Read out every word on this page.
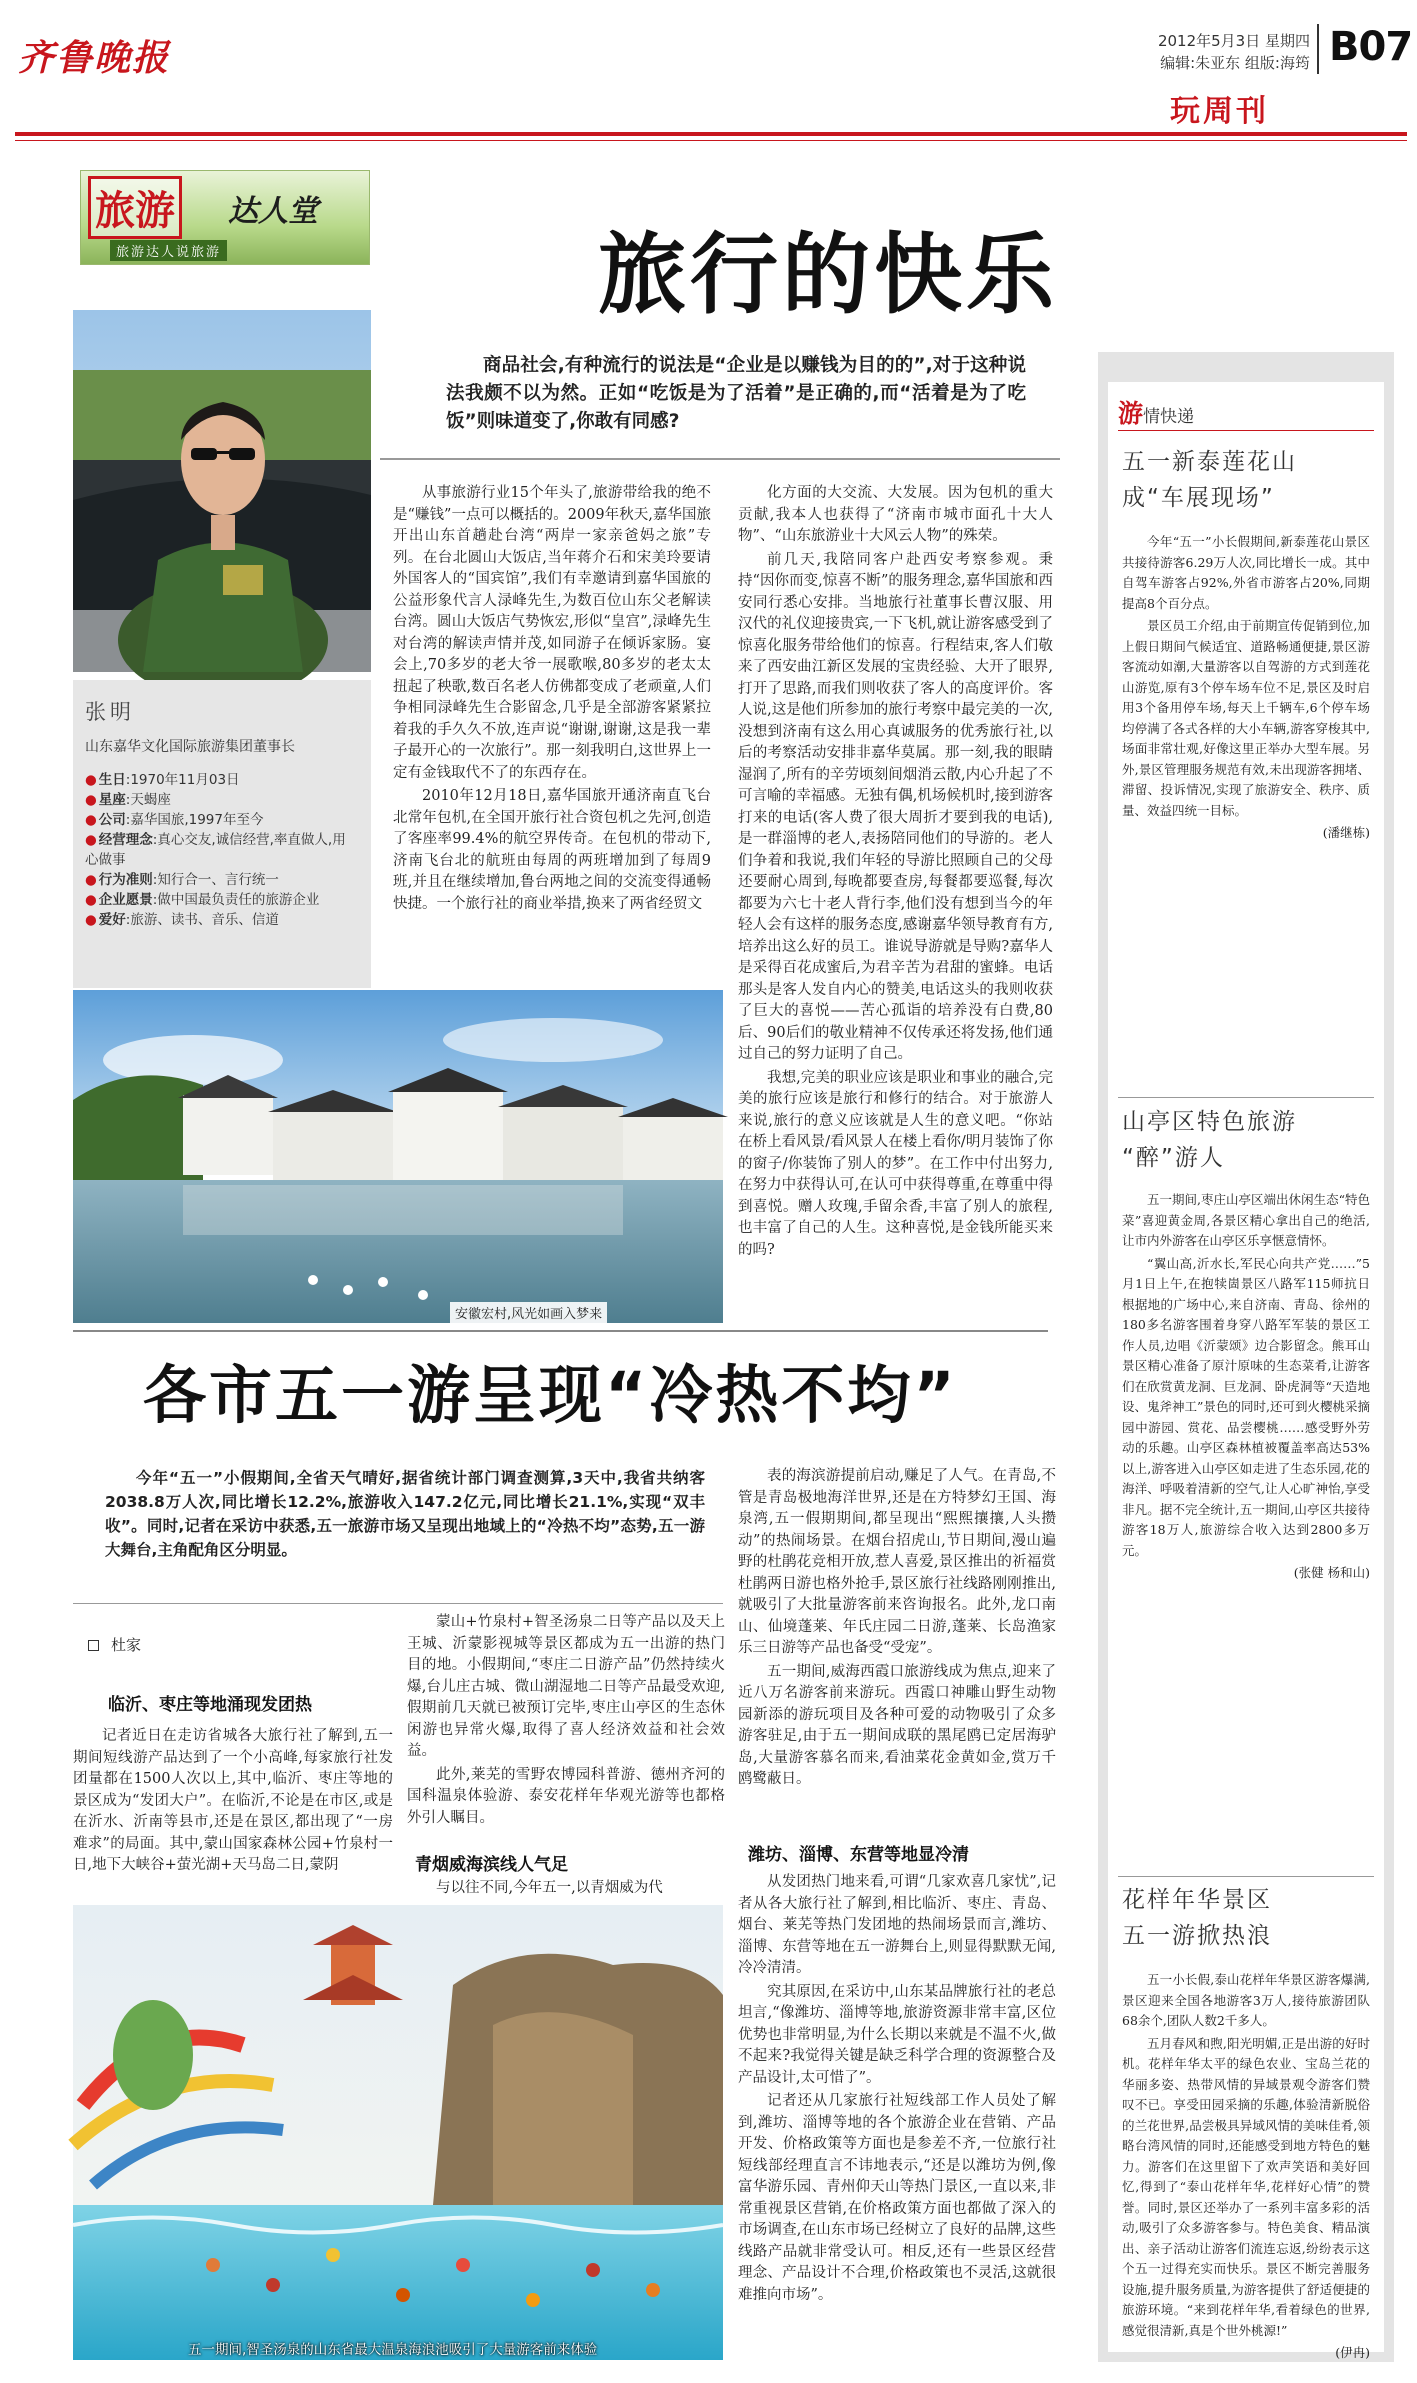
齐鲁晚报	2012年5月3日 星期四
编辑:朱亚东 组版:海筠 B07
玩周刊
旅游 达人堂
旅游达人说旅游	旅行的快乐
张明
山东嘉华文化国际旅游集团董事长
● 生日:1970年11月03日
● 星座:天蝎座
● 公司:嘉华国旅,1997年至今
● 经营理念:真心交友,诚信经营,率直做人,用心做事
● 行为准则:知行合一、言行统一
● 企业愿景:做中国最负责任的旅游企业
● 爱好:旅游、读书、音乐、信道
商品社会,有种流行的说法是“企业是以赚钱为目的的”,对于这种说法我颇不以为然。正如“吃饭是为了活着”是正确的,而“活着是为了吃饭”则味道变了,你敢有同感?

从事旅游行业15个年头了,旅游带给我的绝不是“赚钱”一点可以概括的。2009年秋天,嘉华国旅开出山东首趟赴台湾“两岸一家亲爸妈之旅”专列。在台北圆山大饭店,当年蒋介石和宋美玲要请外国客人的“国宾馆”,我们有幸邀请到嘉华国旅的公益形象代言人渌峰先生,为数百位山东父老解读台湾。圆山大饭店气势恢宏,形似“皇宫”,渌峰先生对台湾的解读声情并茂,如同游子在倾诉家肠。宴会上,70多岁的老大爷一展歌喉,80多岁的老太太扭起了秧歌,数百名老人仿佛都变成了老顽童,人们争相同渌峰先生合影留念,几乎是全部游客紧紧拉着我的手久久不放,连声说“谢谢,谢谢,这是我一辈子最开心的一次旅行”。那一刻我明白,这世界上一定有金钱取代不了的东西存在。

2010年12月18日,嘉华国旅开通济南直飞台北常年包机,在全国开旅行社合资包机之先河,创造了客座率99.4%的航空界传奇。在包机的带动下,济南飞台北的航班由每周的两班增加到了每周9班,并且在继续增加,鲁台两地之间的交流变得通畅快捷。一个旅行社的商业举措,换来了两省经贸文

化方面的大交流、大发展。因为包机的重大贡献,我本人也获得了“济南市城市面孔十大人物”、“山东旅游业十大风云人物”的殊荣。

前几天,我陪同客户赴西安考察参观。秉持“因你而变,惊喜不断”的服务理念,嘉华国旅和西安同行悉心安排。当地旅行社董事长曹汉服、用汉代的礼仪迎接贵宾,一下飞机,就让游客感受到了惊喜化服务带给他们的惊喜。行程结束,客人们敬来了西安曲江新区发展的宝贵经验、大开了眼界,打开了思路,而我们则收获了客人的高度评价。客人说,这是他们所参加的旅行考察中最完美的一次,没想到济南有这么用心真诚服务的优秀旅行社,以后的考察活动安排非嘉华莫属。那一刻,我的眼睛湿润了,所有的辛劳顷刻间烟消云散,内心升起了不可言喻的幸福感。无独有偶,机场候机时,接到游客打来的电话(客人费了很大周折才要到我的电话),是一群淄博的老人,表扬陪同他们的导游的。老人们争着和我说,我们年轻的导游比照顾自己的父母还要耐心周到,每晚都要查房,每餐都要巡餐,每次都要为六七十老人背行李,他们没有想到当今的年轻人会有这样的服务态度,感谢嘉华领导教育有方,培养出这么好的员工。谁说导游就是导购?嘉华人是采得百花成蜜后,为君辛苦为君甜的蜜蜂。电话那头是客人发自内心的赞美,电话这头的我则收获了巨大的喜悦——苦心孤诣的培养没有白费,80后、90后们的敬业精神不仅传承还将发扬,他们通过自己的努力证明了自己。

我想,完美的职业应该是职业和事业的融合,完美的旅行应该是旅行和修行的结合。对于旅游人来说,旅行的意义应该就是人生的意义吧。“你站在桥上看风景/看风景人在楼上看你/明月装饰了你的窗子/你装饰了别人的梦”。在工作中付出努力,在努力中获得认可,在认可中获得尊重,在尊重中得到喜悦。赠人玫瑰,手留余香,丰富了别人的旅程,也丰富了自己的人生。这种喜悦,是金钱所能买来的吗?

安徽宏村,风光如画入梦来
游情快递
五一新泰莲花山
成“车展现场”

今年“五一”小长假期间,新泰莲花山景区共接待游客6.29万人次,同比增长一成。其中自驾车游客占92%,外省市游客占20%,同期提高8个百分点。

景区员工介绍,由于前期宣传促销到位,加上假日期间气候适宜、道路畅通便捷,景区游客流动如潮,大量游客以自驾游的方式到莲花山游览,原有3个停车场车位不足,景区及时启用3个备用停车场,每天上千辆车,6个停车场均停满了各式各样的大小车辆,游客穿梭其中,场面非常壮观,好像这里正举办大型车展。另外,景区管理服务规范有效,未出现游客拥堵、滞留、投诉情况,实现了旅游安全、秩序、质量、效益四统一目标。

(潘继栋)
山亭区特色旅游
“醉”游人

五一期间,枣庄山亭区端出休闲生态“特色菜”喜迎黄金周,各景区精心拿出自己的绝活,让市内外游客在山亭区乐享惬意情怀。

“翼山高,沂水长,军民心向共产党……”5月1日上午,在抱犊崮景区八路军115师抗日根据地的广场中心,来自济南、青岛、徐州的180多名游客围着身穿八路军军装的景区工作人员,边唱《沂蒙颂》边合影留念。熊耳山景区精心准备了原汁原味的生态菜肴,让游客们在欣赏黄龙洞、巨龙洞、卧虎洞等“天造地设、鬼斧神工”景色的同时,还可到火樱桃采摘园中游园、赏花、品尝樱桃……感受野外劳动的乐趣。山亭区森林植被覆盖率高达53%以上,游客进入山亭区如走进了生态乐园,花的海洋、呼吸着清新的空气,让人心旷神怡,享受非凡。据不完全统计,五一期间,山亭区共接待游客18万人,旅游综合收入达到2800多万元。

(张健 杨和山)
花样年华景区
五一游掀热浪

五一小长假,泰山花样年华景区游客爆满,景区迎来全国各地游客3万人,接待旅游团队68余个,团队人数2千多人。

五月春风和煦,阳光明媚,正是出游的好时机。花样年华太平的绿色农业、宝岛兰花的华丽多姿、热带风情的异域景观令游客们赞叹不已。享受田园采摘的乐趣,体验清新脱俗的兰花世界,品尝极具异域风情的美味佳肴,领略台湾风情的同时,还能感受到地方特色的魅力。游客们在这里留下了欢声笑语和美好回忆,得到了“泰山花样年华,花样好心情”的赞誉。同时,景区还举办了一系列丰富多彩的活动,吸引了众多游客参与。特色美食、精品演出、亲子活动让游客们流连忘返,纷纷表示这个五一过得充实而快乐。景区不断完善服务设施,提升服务质量,为游客提供了舒适便捷的旅游环境。“来到花样年华,看着绿色的世界,感觉很清新,真是个世外桃源!”

(伊冉)
各市五一游呈现“冷热不均”
今年“五一”小假期间,全省天气晴好,据省统计部门调查测算,3天中,我省共纳客2038.8万人次,同比增长12.2%,旅游收入147.2亿元,同比增长21.1%,实现“双丰收”。同时,记者在采访中获悉,五一旅游市场又呈现出地域上的“冷热不均”态势,五一游大舞台,主角配角区分明显。
杜家
临沂、枣庄等地涌现发团热

记者近日在走访省城各大旅行社了解到,五一期间短线游产品达到了一个小高峰,每家旅行社发团量都在1500人次以上,其中,临沂、枣庄等地的景区成为“发团大户”。在临沂,不论是在市区,或是在沂水、沂南等县市,还是在景区,都出现了“一房难求”的局面。其中,蒙山国家森林公园+竹泉村一日,地下大峡谷+萤光湖+天马岛二日,蒙阴

蒙山+竹泉村+智圣汤泉二日等产品以及天上王城、沂蒙影视城等景区都成为五一出游的热门目的地。小假期间,“枣庄二日游产品”仍然持续火爆,台儿庄古城、微山湖湿地二日等产品最受欢迎,假期前几天就已被预订完毕,枣庄山亭区的生态休闲游也异常火爆,取得了喜人经济效益和社会效益。

此外,莱芜的雪野农博园科普游、德州齐河的国科温泉体验游、泰安花样年华观光游等也都格外引人瞩目。

青烟威海滨线人气足

与以往不同,今年五一,以青烟威为代

表的海滨游提前启动,赚足了人气。在青岛,不管是青岛极地海洋世界,还是在方特梦幻王国、海泉湾,五一假期期间,都呈现出“熙熙攘攘,人头攒动”的热闹场景。在烟台招虎山,节日期间,漫山遍野的杜鹃花竞相开放,惹人喜爱,景区推出的祈福赏杜鹃两日游也格外抢手,景区旅行社线路刚刚推出,就吸引了大批量游客前来咨询报名。此外,龙口南山、仙境蓬莱、年氏庄园二日游,蓬莱、长岛渔家乐三日游等产品也备受“受宠”。

五一期间,威海西霞口旅游线成为焦点,迎来了近八万名游客前来游玩。西霞口神雕山野生动物园新添的游玩项目及各种可爱的动物吸引了众多游客驻足,由于五一期间成联的黑尾鸥已定居海驴岛,大量游客慕名而来,看油菜花金黄如金,赏万千鸥鹭蔽日。

潍坊、淄博、东营等地显冷清

从发团热门地来看,可谓“几家欢喜几家忧”,记者从各大旅行社了解到,相比临沂、枣庄、青岛、烟台、莱芜等热门发团地的热闹场景而言,潍坊、淄博、东营等地在五一游舞台上,则显得默默无闻,冷冷清清。

究其原因,在采访中,山东某品牌旅行社的老总坦言,“像潍坊、淄博等地,旅游资源非常丰富,区位优势也非常明显,为什么长期以来就是不温不火,做不起来?我觉得关键是缺乏科学合理的资源整合及产品设计,太可惜了”。

记者还从几家旅行社短线部工作人员处了解到,潍坊、淄博等地的各个旅游企业在营销、产品开发、价格政策等方面也是参差不齐,一位旅行社短线部经理直言不讳地表示,“还是以潍坊为例,像富华游乐园、青州仰天山等热门景区,一直以来,非常重视景区营销,在价格政策方面也都做了深入的市场调查,在山东市场已经树立了良好的品牌,这些线路产品就非常受认可。相反,还有一些景区经营理念、产品设计不合理,价格政策也不灵活,这就很难推向市场”。

五一期间,智圣汤泉的山东省最大温泉海浪池吸引了大量游客前来体验
